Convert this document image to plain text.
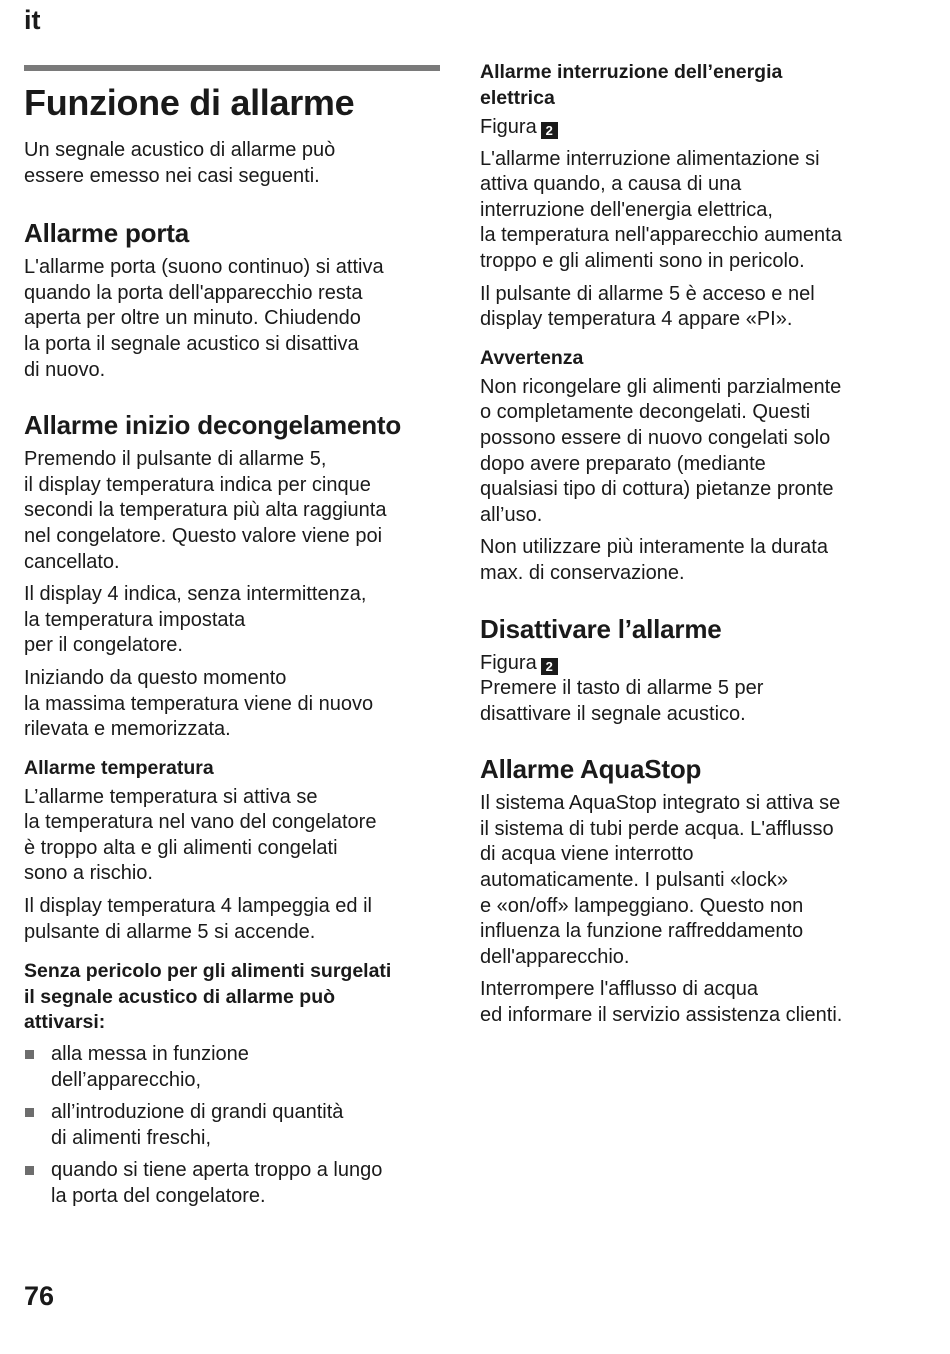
it

Funzione di allarme

Un segnale acustico di allarme può
essere emesso nei casi seguenti.

Allarme porta

L'allarme porta (suono continuo) si attiva
quando la porta dell'apparecchio resta
aperta per oltre un minuto. Chiudendo
la porta il segnale acustico si disattiva
di nuovo.

Allarme inizio decongelamento

Premendo il pulsante di allarme 5,
il display temperatura indica per cinque
secondi la temperatura più alta raggiunta
nel congelatore. Questo valore viene poi
cancellato.

Il display 4 indica, senza intermittenza,
la temperatura impostata
per il congelatore.

Iniziando da questo momento
la massima temperatura viene di nuovo
rilevata e memorizzata.

Allarme temperatura

L’allarme temperatura si attiva se
la temperatura nel vano del congelatore
è troppo alta e gli alimenti congelati
sono a rischio.

Il display temperatura 4 lampeggia ed il
pulsante di allarme 5 si accende.

Senza pericolo per gli alimenti surgelati
il segnale acustico di allarme può
attivarsi:

alla messa in funzione
dell’apparecchio,
all’introduzione di grandi quantità
di alimenti freschi,
quando si tiene aperta troppo a lungo
la porta del congelatore.
Allarme interruzione dell’energia
elettrica
Figura 2

L'allarme interruzione alimentazione si
attiva quando, a causa di una
interruzione dell'energia elettrica,
la temperatura nell'apparecchio aumenta
troppo e gli alimenti sono in pericolo.

Il pulsante di allarme 5 è acceso e nel
display temperatura 4 appare «PI».

Avvertenza

Non ricongelare gli alimenti parzialmente
o completamente decongelati. Questi
possono essere di nuovo congelati solo
dopo avere preparato (mediante
qualsiasi tipo di cottura) pietanze pronte
all’uso.

Non utilizzare più interamente la durata
max. di conservazione.

Disattivare l’allarme
Figura 2

Premere il tasto di allarme 5 per
disattivare il segnale acustico.

Allarme AquaStop

Il sistema AquaStop integrato si attiva se
il sistema di tubi perde acqua. L'afflusso
di acqua viene interrotto
automaticamente. I pulsanti «lock»
e «on/off» lampeggiano. Questo non
influenza la funzione raffreddamento
dell'apparecchio.

Interrompere l'afflusso di acqua
ed informare il servizio assistenza clienti.

76
